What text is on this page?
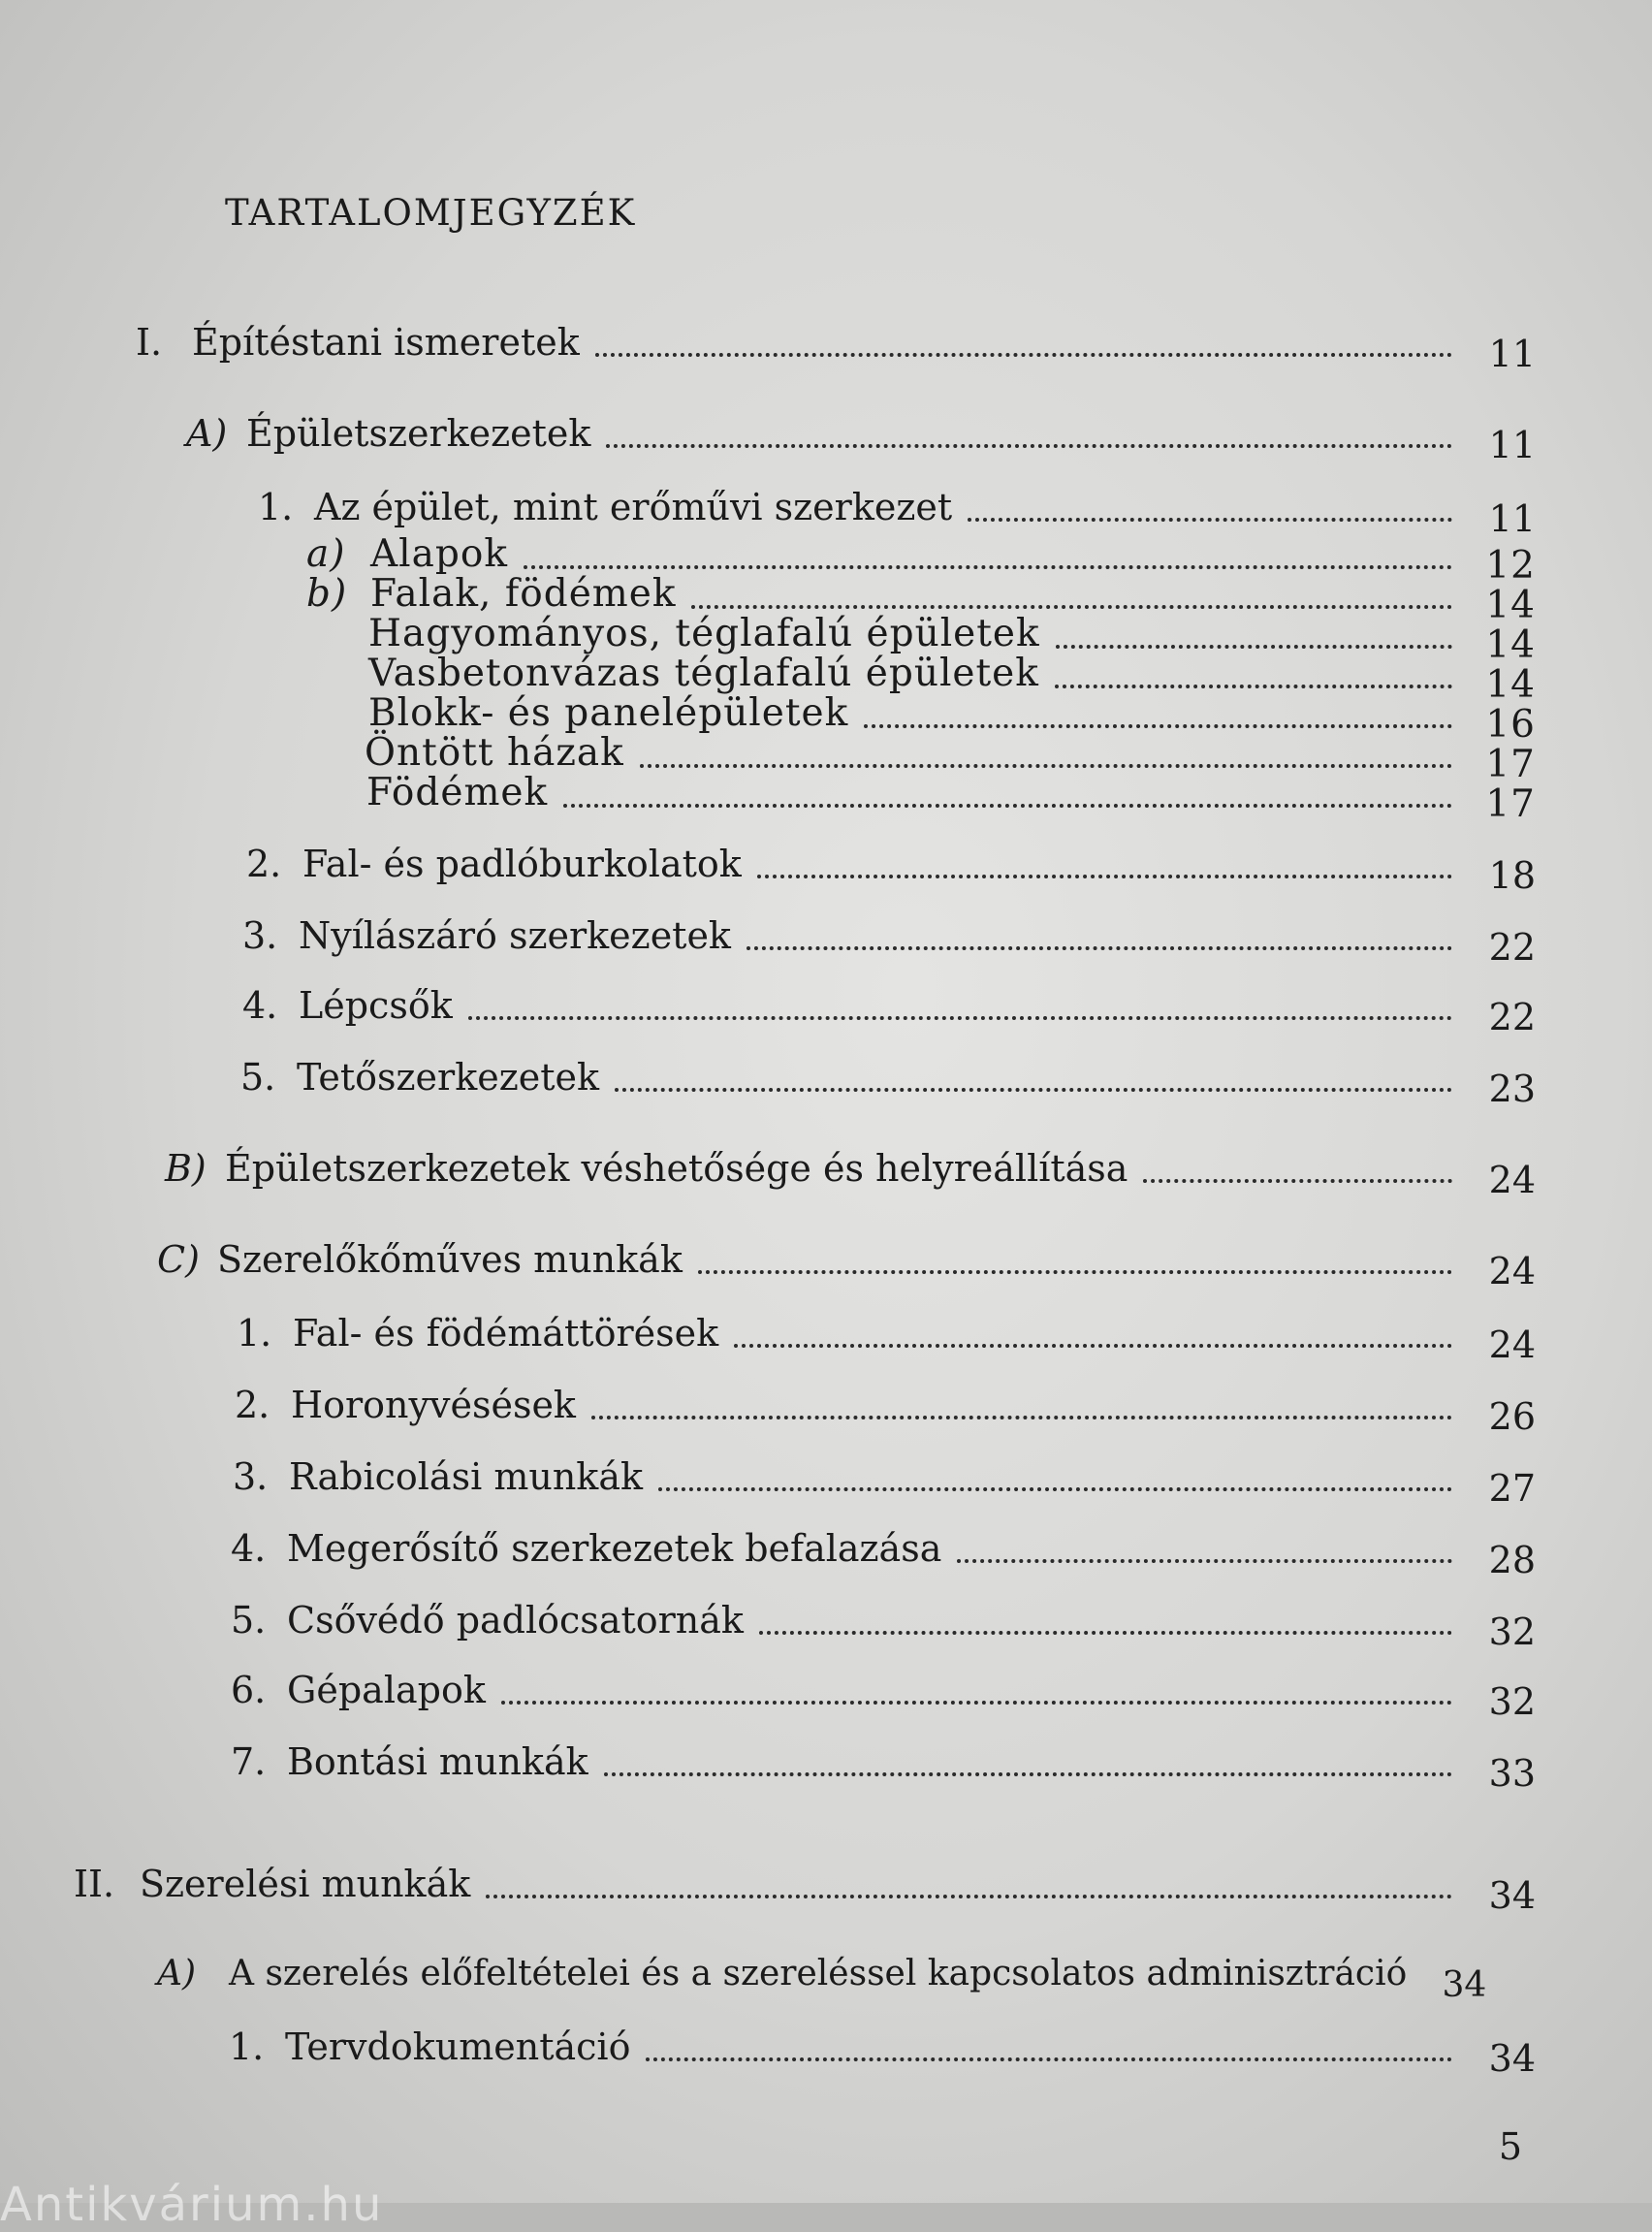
TARTALOMJEGYZÉK
I. Építéstani ismeretek	11
A) Épületszerkezetek	11
1. Az épület, mint erőművi szerkezet	11
a) Alapok	12
b) Falak, födémek	14
Hagyományos, téglafalú épületek	14
Vasbetonvázas téglafalú épületek	14
Blokk- és panelépületek	16
Öntött házak	17
Födémek	17
2. Fal- és padlóburkolatok	18
3. Nyílászáró szerkezetek	22
4. Lépcsők	22
5. Tetőszerkezetek	23
B) Épületszerkezetek véshetősége és helyreállítása	24
C) Szerelőkőműves munkák	24
1. Fal- és födémáttörések	24
2. Horonyvésések	26
3. Rabicolási munkák	27
4. Megerősítő szerkezetek befalazása	28
5. Csővédő padlócsatornák	32
6. Gépalapok	32
7. Bontási munkák	33
II. Szerelési munkák	34
A) A szerelés előfeltételei és a szereléssel kapcsolatos adminisztráció	34
1. Tervdokumentáció	34
5
Antikvárium.hu
